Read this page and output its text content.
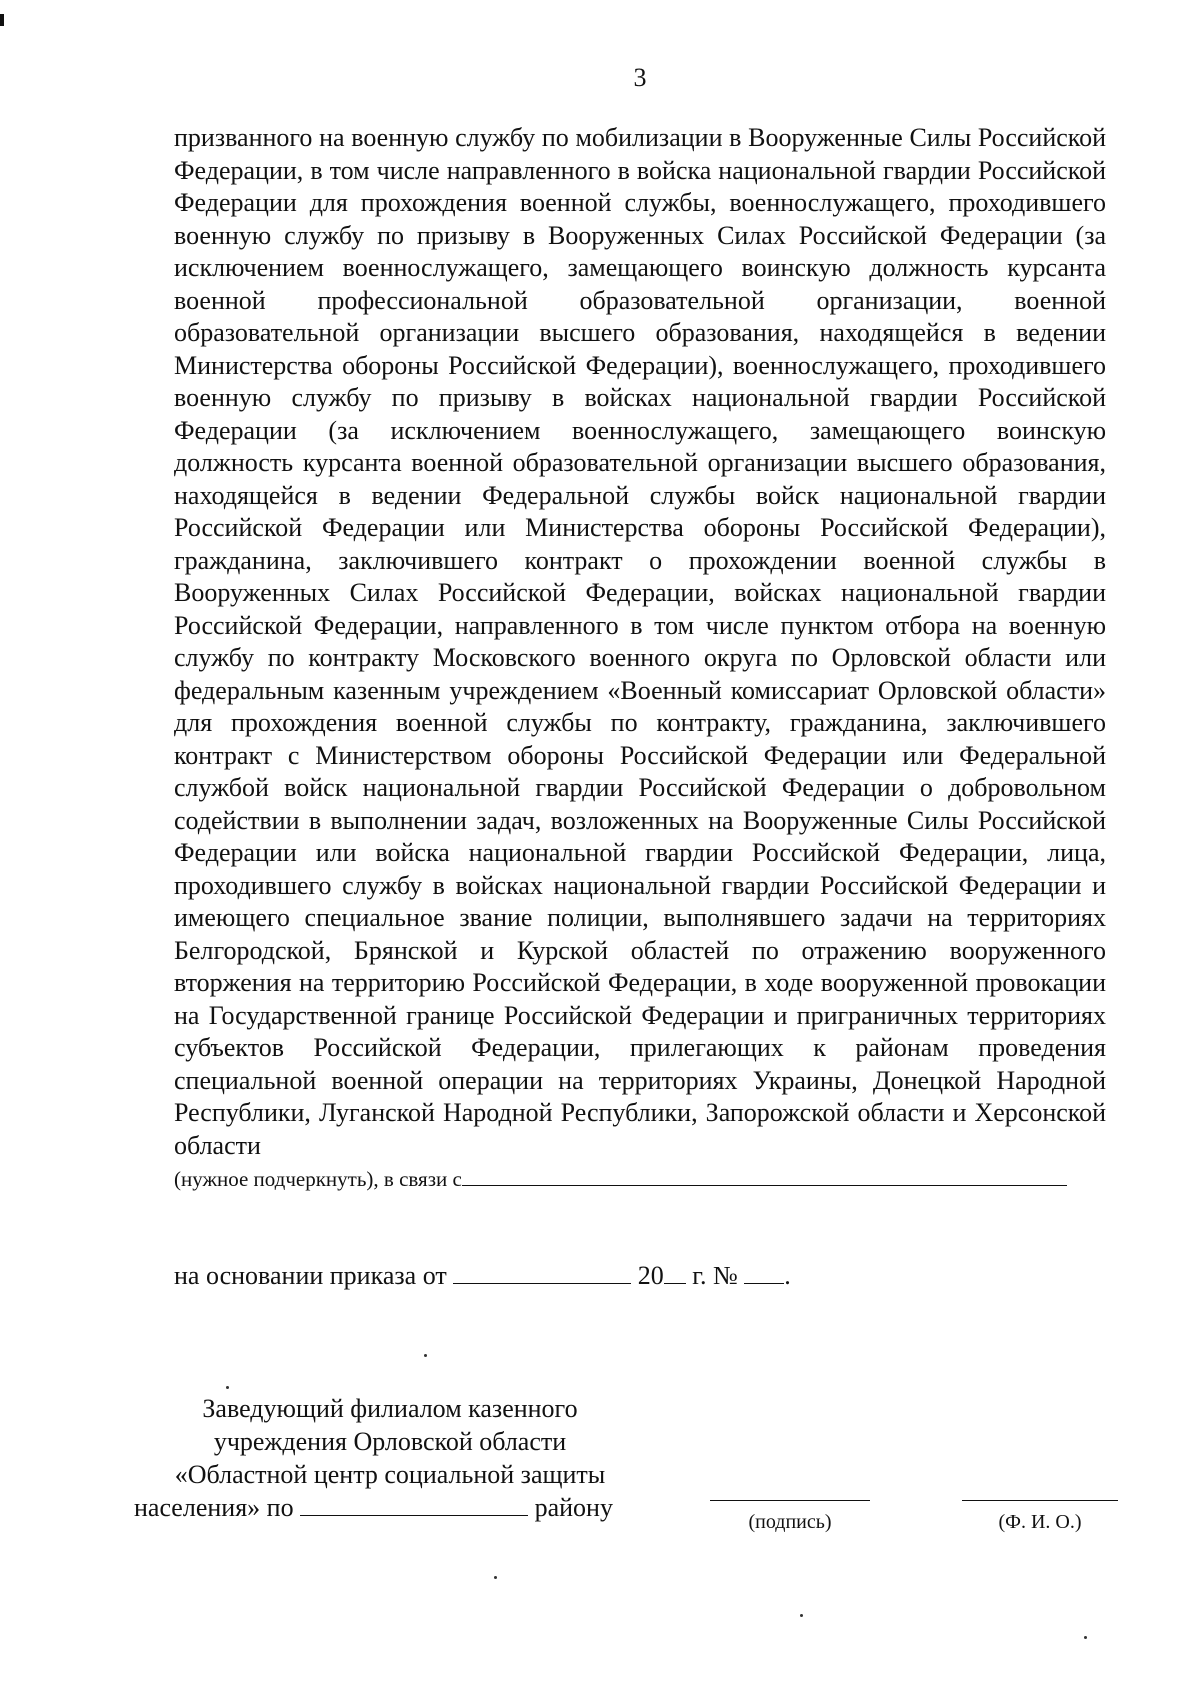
3
призванного на военную службу по мобилизации в Вооруженные Силы Российской Федерации, в том числе направленного в войска национальной гвардии Российской Федерации для прохождения военной службы, военнослужащего, проходившего военную службу по призыву в Вооруженных Силах Российской Федерации (за исключением военнослужащего, замещающего воинскую должность курсанта военной профессиональной образовательной организации, военной образовательной организации высшего образования, находящейся в ведении Министерства обороны Российской Федерации), военнослужащего, проходившего военную службу по призыву в войсках национальной гвардии Российской Федерации (за исключением военнослужащего, замещающего воинскую должность курсанта военной образовательной организации высшего образования, находящейся в ведении Федеральной службы войск национальной гвардии Российской Федерации или Министерства обороны Российской Федерации), гражданина, заключившего контракт о прохождении военной службы в Вооруженных Силах Российской Федерации, войсках национальной гвардии Российской Федерации, направленного в том числе пунктом отбора на военную службу по контракту Московского военного округа по Орловской области или федеральным казенным учреждением «Военный комиссариат Орловской области» для прохождения военной службы по контракту, гражданина, заключившего контракт с Министерством обороны Российской Федерации или Федеральной службой войск национальной гвардии Российской Федерации о добровольном содействии в выполнении задач, возложенных на Вооруженные Силы Российской Федерации или войска национальной гвардии Российской Федерации, лица, проходившего службу в войсках национальной гвардии Российской Федерации и имеющего специальное звание полиции, выполнявшего задачи на территориях Белгородской, Брянской и Курской областей по отражению вооруженного вторжения на территорию Российской Федерации, в ходе вооруженной провокации на Государственной границе Российской Федерации и приграничных территориях субъектов Российской Федерации, прилегающих к районам проведения специальной военной операции на территориях Украины, Донецкой Народной Республики, Луганской Народной Республики, Запорожской области и Херсонской области
(нужное подчеркнуть), в связи с
на основании приказа от	20 г. № .
Заведующий филиалом казенного
учреждения Орловской области
«Областной центр социальной защиты
населения» по	району	(подпись)	(Ф. И. О.)
